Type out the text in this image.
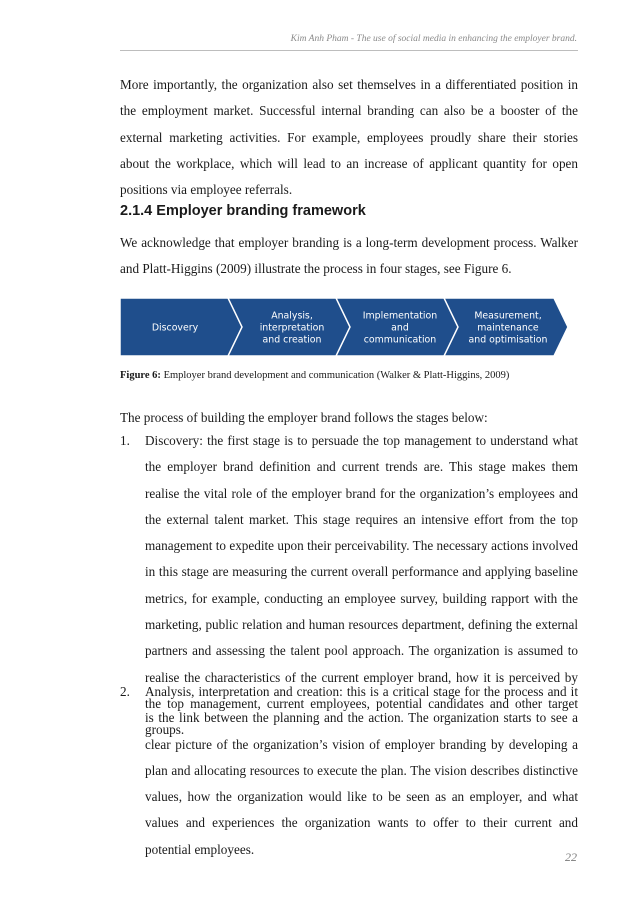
Kim Anh Pham - The use of social media in enhancing the employer brand.

More importantly, the organization also set themselves in a differentiated position in the employment market. Successful internal branding can also be a booster of the external marketing activities. For example, employees proudly share their stories about the workplace, which will lead to an increase of applicant quantity for open positions via employee referrals.

2.1.4 Employer branding framework

We acknowledge that employer branding is a long-term development process. Walker and Platt-Higgins (2009) illustrate the process in four stages, see Figure 6.

Discovery
Analysis,
interpretation
and creation
Implementation
and
communication
Measurement,
maintenance
and optimisation

Figure 6: Employer brand development and communication (Walker & Platt-Higgins, 2009)

The process of building the employer brand follows the stages below:

1. Discovery: the first stage is to persuade the top management to understand what the employer brand definition and current trends are. This stage makes them realise the vital role of the employer brand for the organization’s employees and the external talent market. This stage requires an intensive effort from the top management to expedite upon their perceivability. The necessary actions involved in this stage are measuring the current overall performance and applying baseline metrics, for example, conducting an employee survey, building rapport with the marketing, public relation and human resources department, defining the external partners and assessing the talent pool approach. The organization is assumed to realise the characteristics of the current employer brand, how it is perceived by the top management, current employees, potential candidates and other target groups.

2. Analysis, interpretation and creation: this is a critical stage for the process and it is the link between the planning and the action. The organization starts to see a clear picture of the organization’s vision of employer branding by developing a plan and allocating resources to execute the plan. The vision describes distinctive values, how the organization would like to be seen as an employer, and what values and experiences the organization wants to offer to their current and potential employees.

22
